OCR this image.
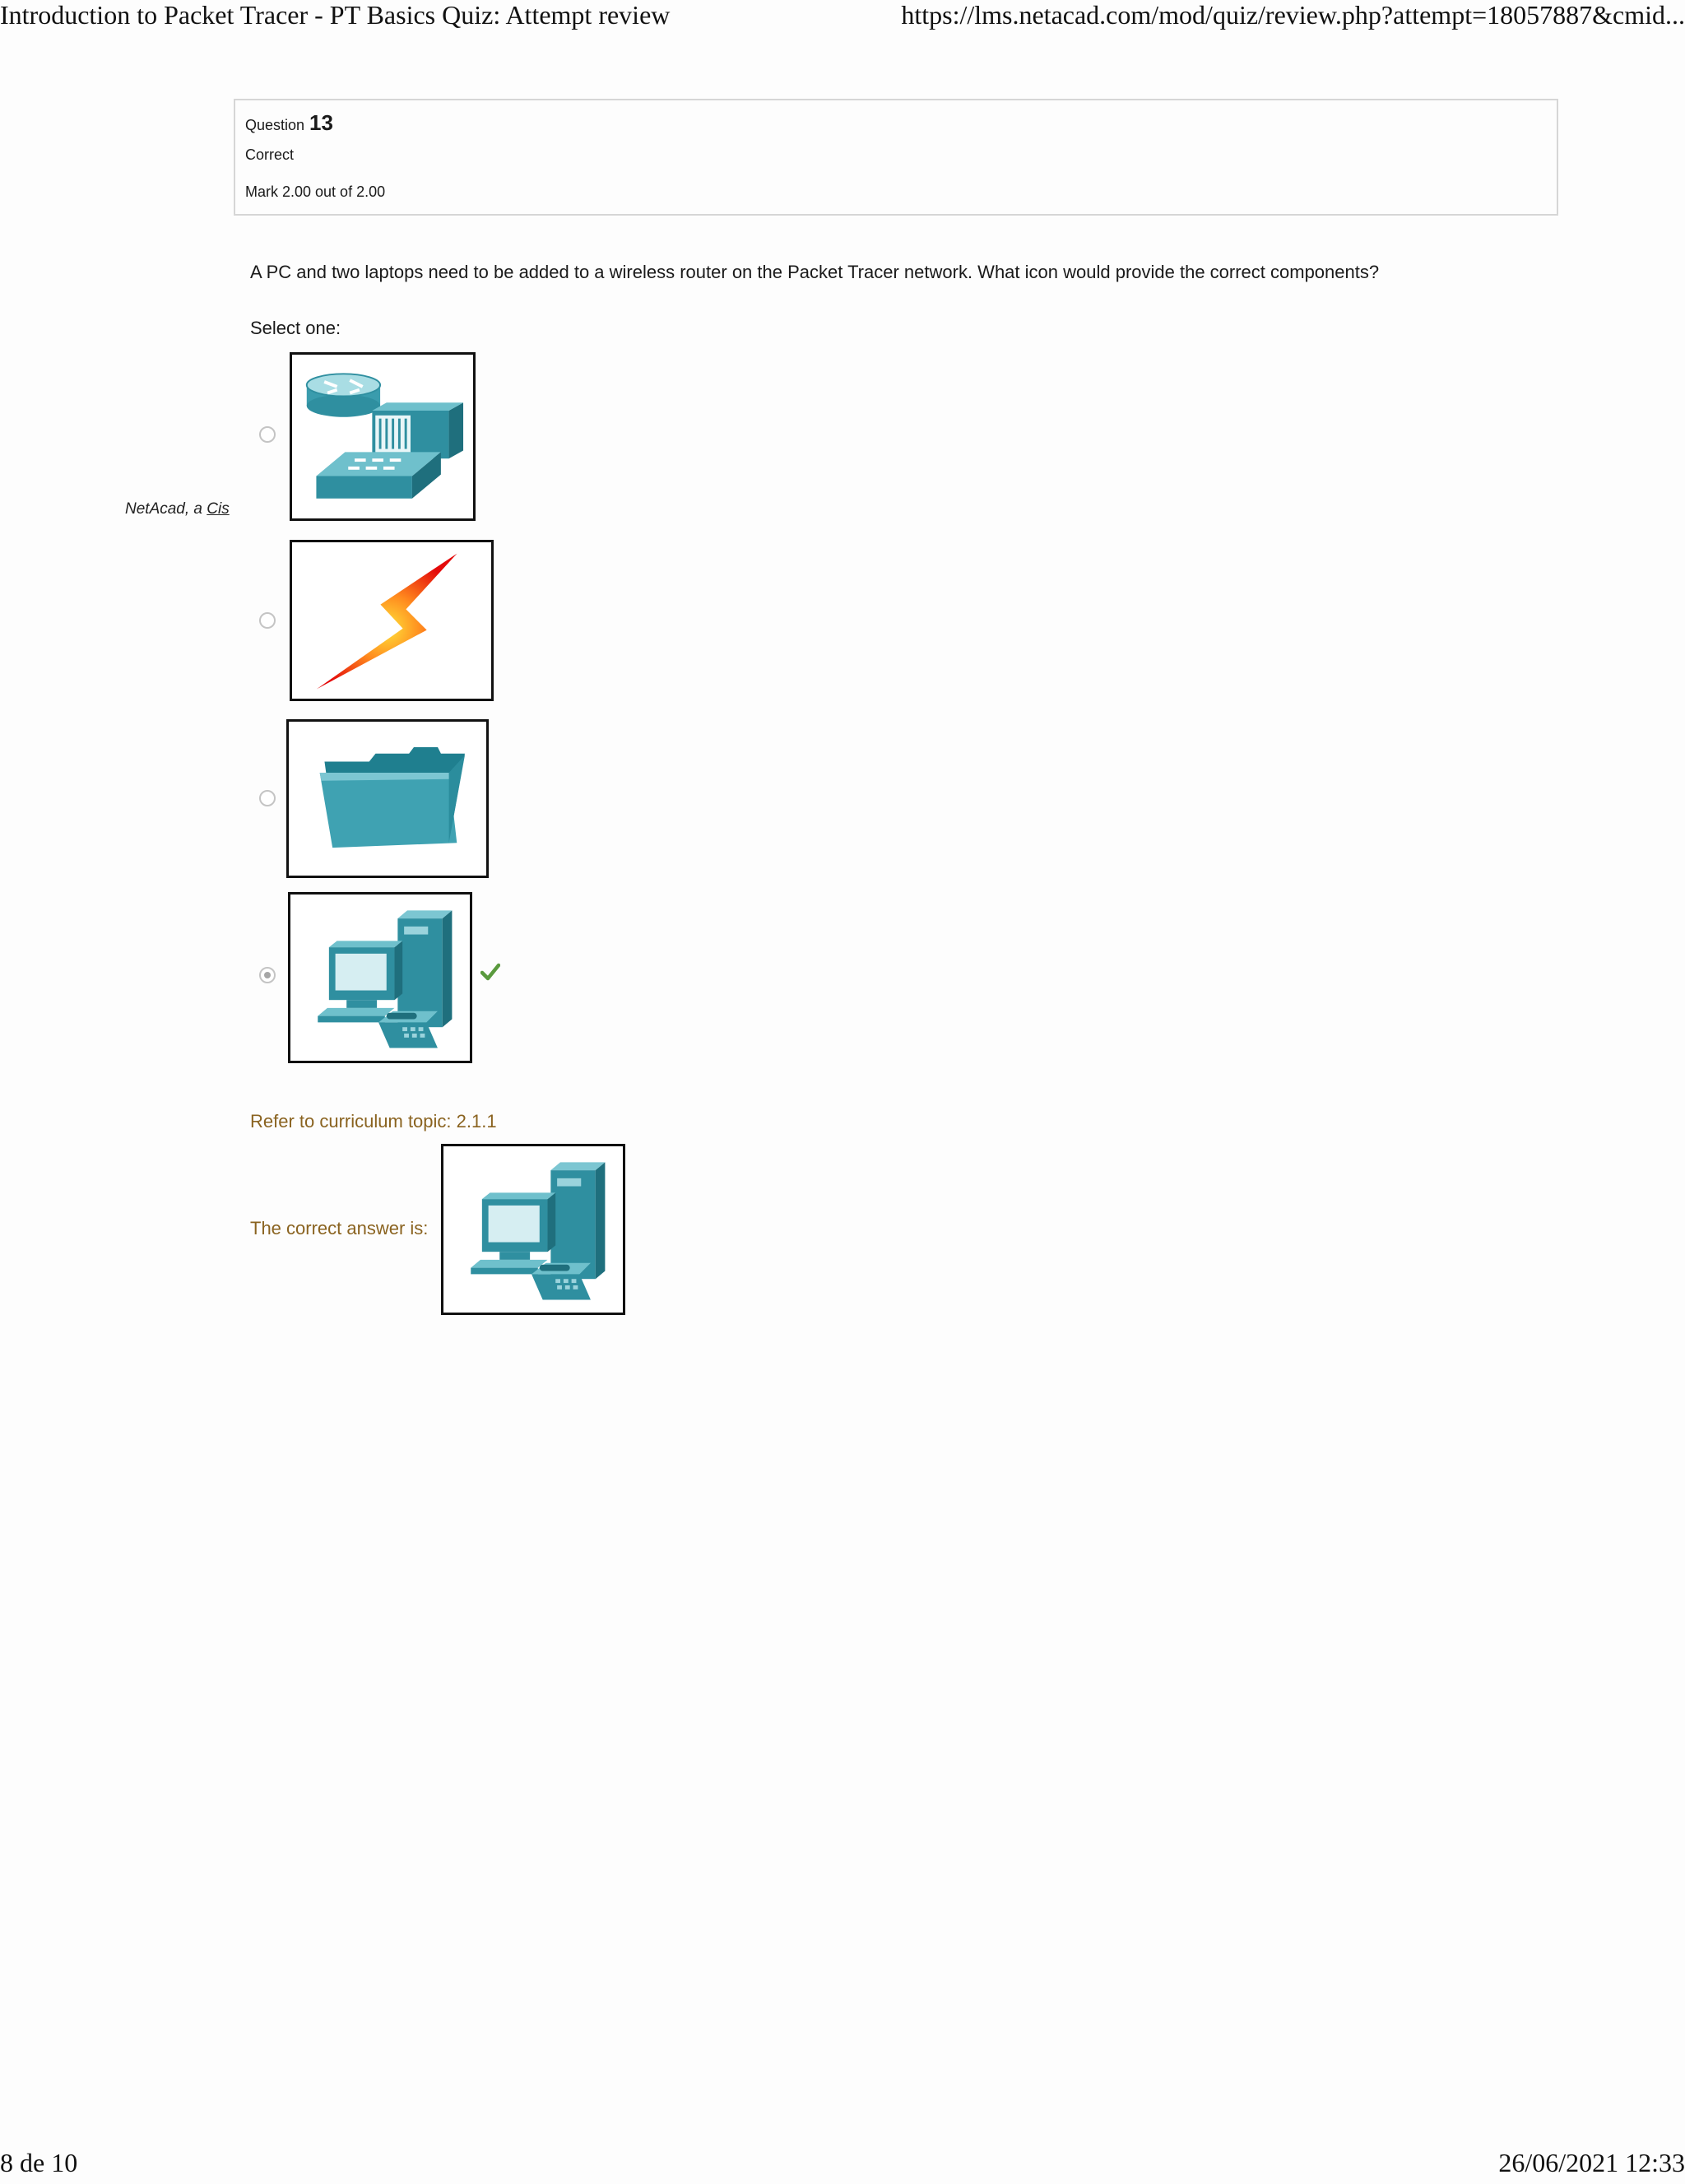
Introduction to Packet Tracer - PT Basics Quiz: Attempt review	https://lms.netacad.com/mod/quiz/review.php?attempt=18057887&cmid...
NetAcad, a Cis
Question 13
Correct
Mark 2.00 out of 2.00
A PC and two laptops need to be added to a wireless router on the Packet Tracer network. What icon would provide the correct components?
Select one:
Refer to curriculum topic: 2.1.1
The correct answer is:
8 de 10	26/06/2021 12:33
